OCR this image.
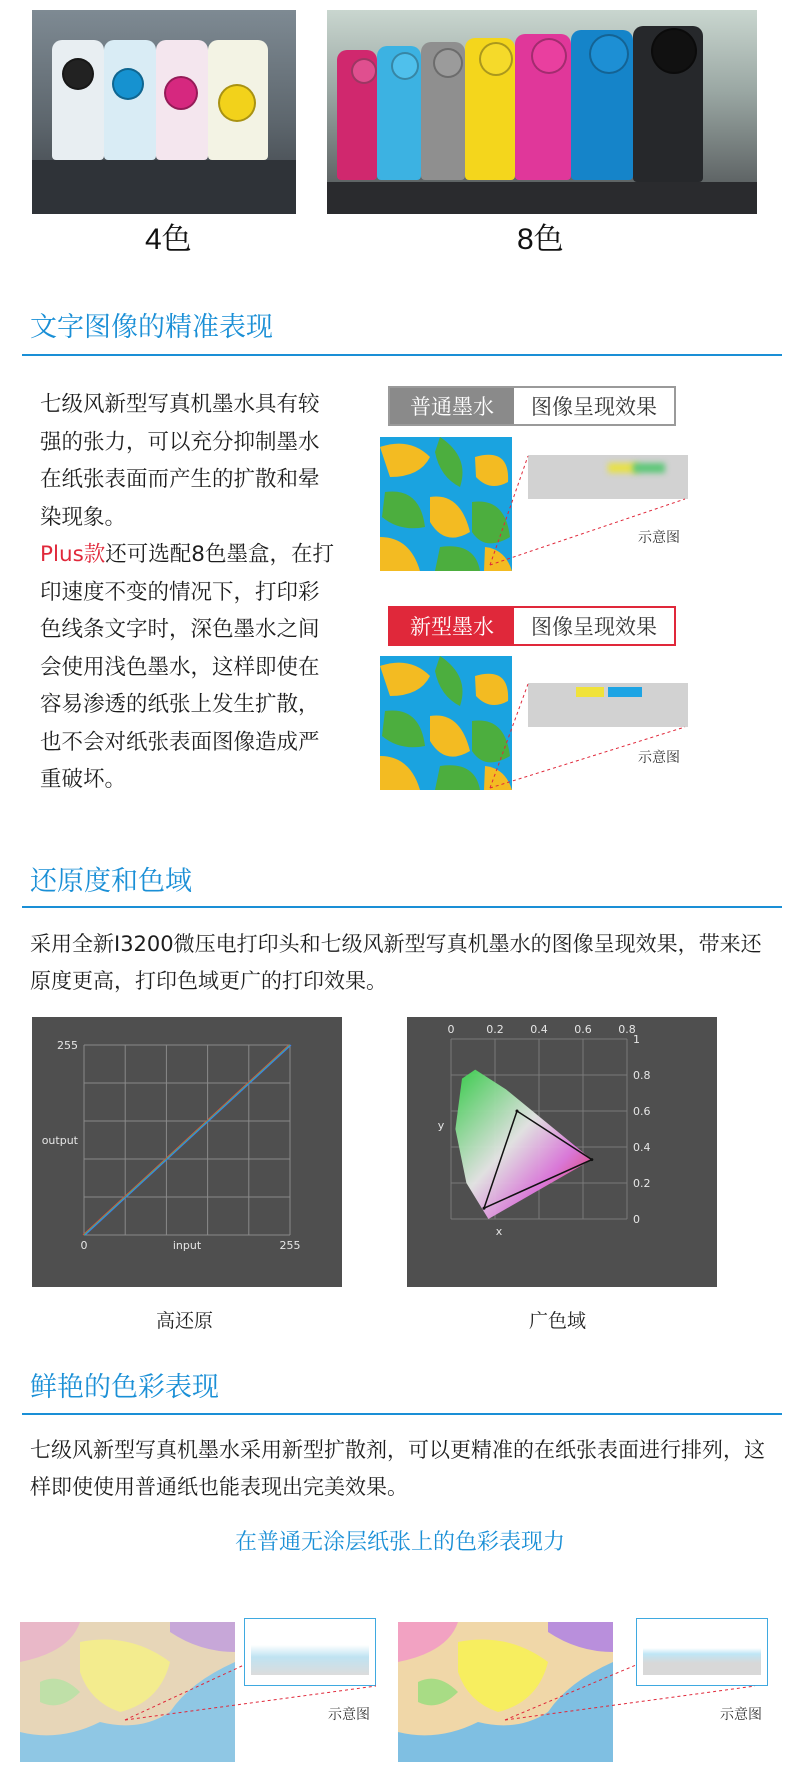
4色	8色
文字图像的精准表现
七级风新型写真机墨水具有较强的张力，可以充分抑制墨水在纸张表面而产生的扩散和晕染现象。
Plus款还可选配8色墨盒，在打印速度不变的情况下，打印彩色线条文字时，深色墨水之间会使用浅色墨水，这样即使在容易渗透的纸张上发生扩散，也不会对纸张表面图像造成严重破坏。
普通墨水	图像呈现效果
示意图
新型墨水	图像呈现效果
示意图
还原度和色域
采用全新I3200微压电打印头和七级风新型写真机墨水的图像呈现效果，带来还原度更高，打印色域更广的打印效果。
0	255
255
input
output
高还原
0	0.2 0.4 0.6 0.8
1
0.8
0.6
0.4
0.2
0
x
y
广色域
鲜艳的色彩表现
七级风新型写真机墨水采用新型扩散剂，可以更精准的在纸张表面进行排列，这样即使使用普通纸也能表现出完美效果。
在普通无涂层纸张上的色彩表现力
示意图	示意图
